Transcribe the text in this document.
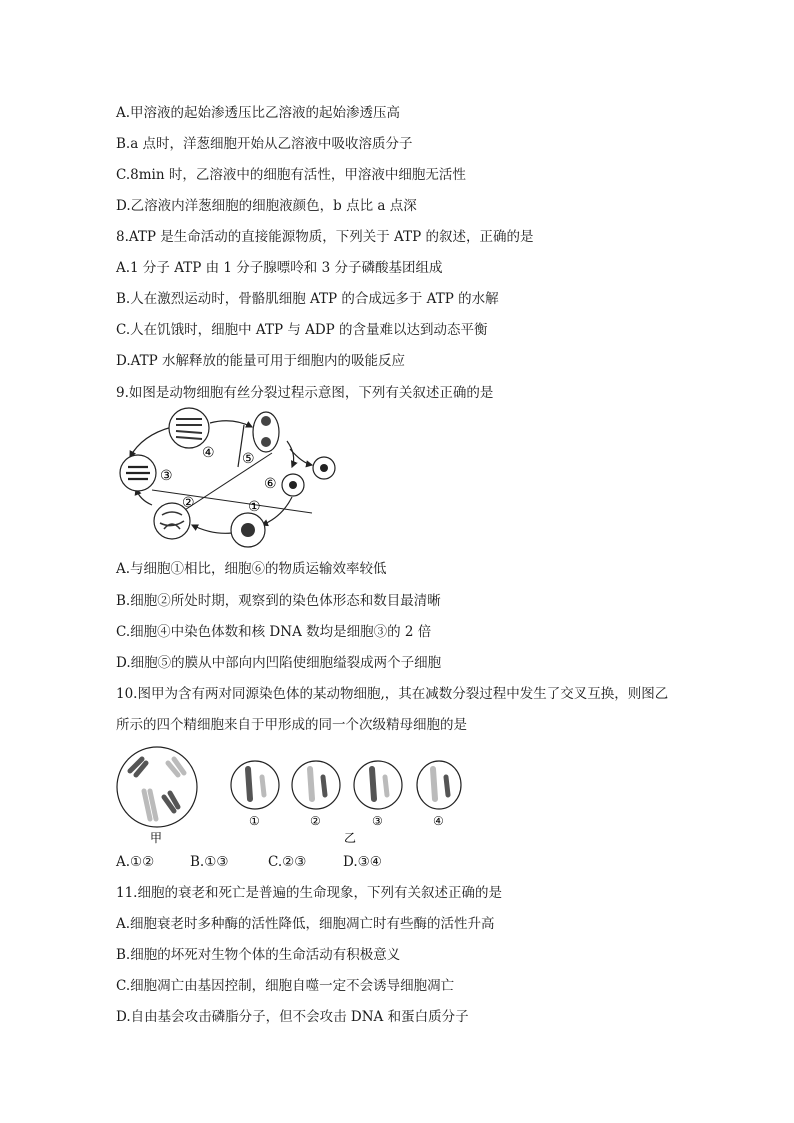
A.甲溶液的起始渗透压比乙溶液的起始渗透压高
B.a 点时，洋葱细胞开始从乙溶液中吸收溶质分子
C.8min 时，乙溶液中的细胞有活性，甲溶液中细胞无活性
D.乙溶液内洋葱细胞的细胞液颜色，b 点比 a 点深
8.ATP 是生命活动的直接能源物质，下列关于 ATP 的叙述，正确的是
A.1 分子 ATP 由 1 分子腺嘌呤和 3 分子磷酸基团组成
B.人在激烈运动时，骨骼肌细胞 ATP 的合成远多于 ATP 的水解
C.人在饥饿时，细胞中 ATP 与 ADP 的含量难以达到动态平衡
D.ATP 水解释放的能量可用于细胞内的吸能反应
9.如图是动物细胞有丝分裂过程示意图，下列有关叙述正确的是
④ ⑤
③	⑥
②	①
A.与细胞①相比，细胞⑥的物质运输效率较低
B.细胞②所处时期，观察到的染色体形态和数目最清晰
C.细胞④中染色体数和核 DNA 数均是细胞③的 2 倍
D.细胞⑤的膜从中部向内凹陷使细胞缢裂成两个子细胞
10.图甲为含有两对同源染色体的某动物细胞,，其在减数分裂过程中发生了交叉互换，则图乙
所示的四个精细胞来自于甲形成的同一个次级精母细胞的是
甲
①	②	③	④
乙
A.①②	B.①③	C.②③	D.③④
11.细胞的衰老和死亡是普遍的生命现象，下列有关叙述正确的是
A.细胞衰老时多种酶的活性降低，细胞凋亡时有些酶的活性升高
B.细胞的坏死对生物个体的生命活动有积极意义
C.细胞凋亡由基因控制，细胞自噬一定不会诱导细胞凋亡
D.自由基会攻击磷脂分子，但不会攻击 DNA 和蛋白质分子
